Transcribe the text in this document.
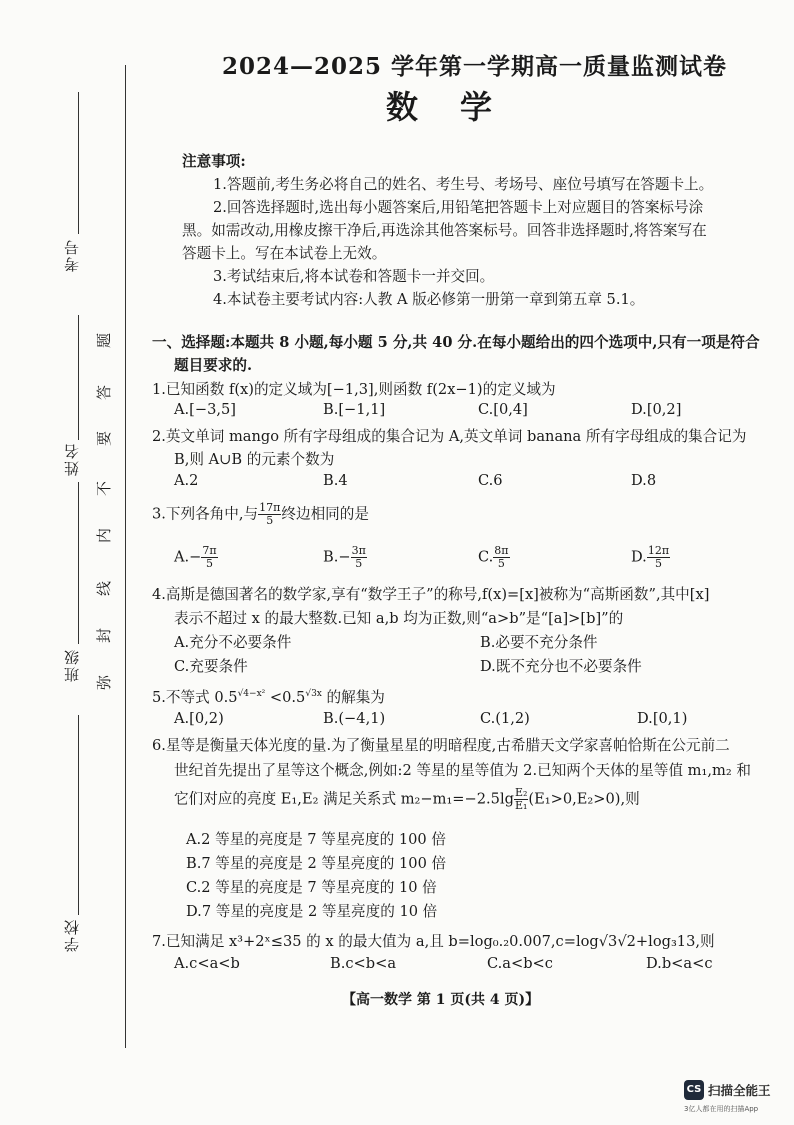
考号
姓名
班级
学校
题
答
要
不
内
线
封
弥
2024—2025 学年第一学期高一质量监测试卷
数学
注意事项:
1.答题前,考生务必将自己的姓名、考生号、考场号、座位号填写在答题卡上。
2.回答选择题时,选出每小题答案后,用铅笔把答题卡上对应题目的答案标号涂
黑。如需改动,用橡皮擦干净后,再选涂其他答案标号。回答非选择题时,将答案写在
答题卡上。写在本试卷上无效。
3.考试结束后,将本试卷和答题卡一并交回。
4.本试卷主要考试内容:人教 A 版必修第一册第一章到第五章 5.1。
一、选择题:本题共 8 小题,每小题 5 分,共 40 分.在每小题给出的四个选项中,只有一项是符合
题目要求的.
1.已知函数 f(x)的定义域为[−1,3],则函数 f(2x−1)的定义域为
A.[−3,5]	B.[−1,1]	C.[0,4]	D.[0,2]
2.英文单词 mango 所有字母组成的集合记为 A,英文单词 banana 所有字母组成的集合记为
B,则 A∪B 的元素个数为
A.2	B.4	C.6	D.8
3.下列各角中,与 $\frac{17\pi}{5}$ 终边相同的是
$A.- \frac{7\pi}{5}$	$B.- \frac{3\pi}{5}$	C. $\frac{8\pi}{5}$	D. $\frac{12\pi}{5}$
4.高斯是德国著名的数学家,享有“数学王子”的称号,f(x)=[x]被称为“高斯函数”,其中[x]
表示不超过 x 的最大整数.已知 a,b 均为正数,则“a>b”是“[a]>[b]”的
A.充分不必要条件	B.必要不充分条件
C.充要条件	D.既不充分也不必要条件
5.不等式 $0.5^{√4-x^2} <0.5^{√3x}$ 的解集为
A.[0,2)	B.(−4,1)	C.(1,2)	D.[0,1)
6.星等是衡量天体光度的量.为了衡量星星的明暗程度,古希腊天文学家喜帕恰斯在公元前二
世纪首先提出了星等这个概念,例如:2 等星的星等值为 2.已知两个天体的星等值 m₁,m₂ 和
它们对应的亮度 E₁,E₂ 满足关系式 $m_2-m_1=-2.5\lg \frac{\text{E₂}}{\text{E₁}} (E_1>0,E_2>0)$,则
A.2 等星的亮度是 7 等星亮度的 100 倍
B.7 等星的亮度是 2 等星亮度的 100 倍
C.2 等星的亮度是 7 等星亮度的 10 倍
D.7 等星的亮度是 2 等星亮度的 10 倍
7.已知满足 x³+2ˣ≤35 的 x 的最大值为 a,且 b=log₀.₂0.007,c=log√3√2+log₃13,则
A.c<a<b	B.c<b<a	C.a<b<c	D.b<a<c
【高一数学 第 1 页(共 4 页)】
CS 扫描全能王
3亿人都在用的扫描App
